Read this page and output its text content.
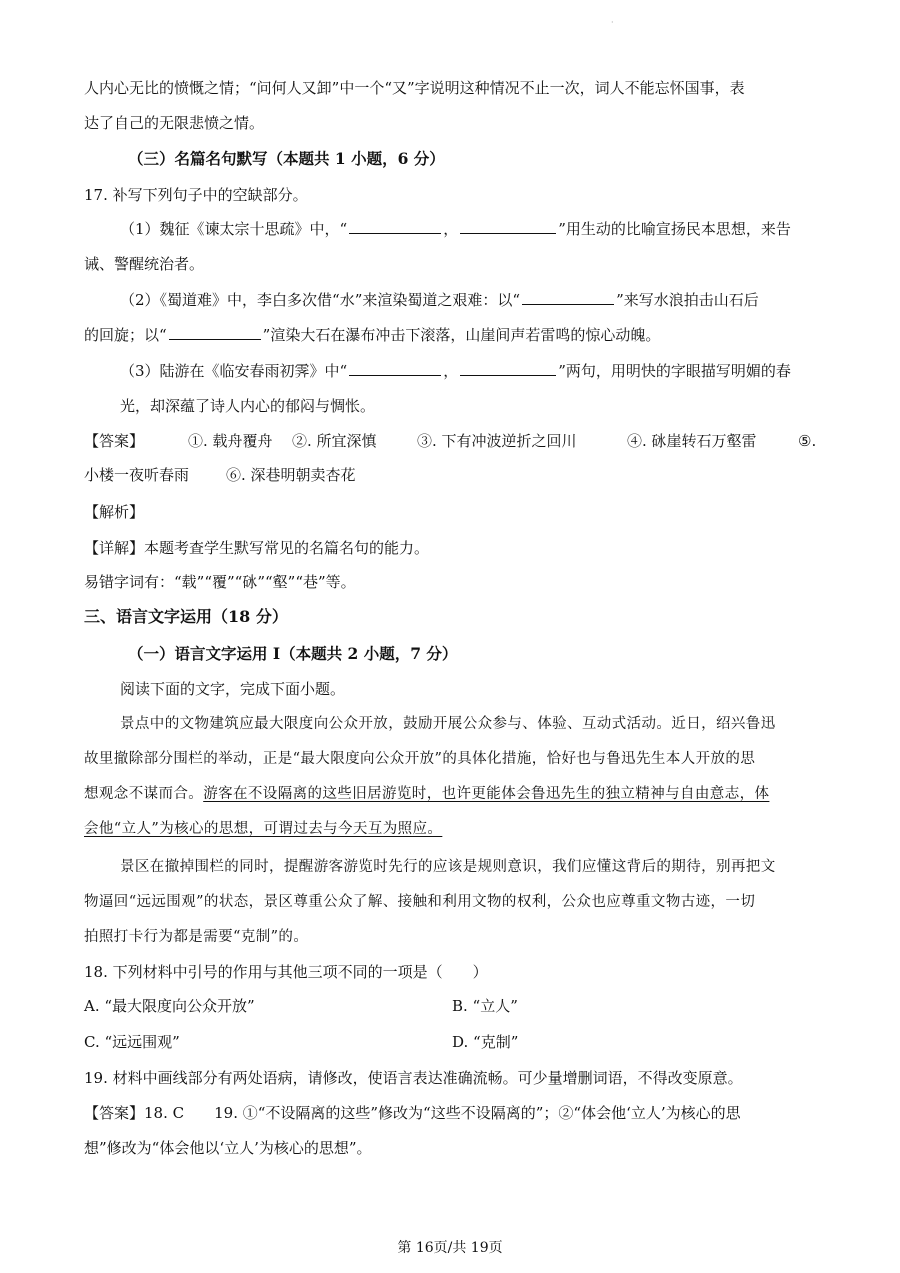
·
人内心无比的愤慨之情；“问何人又卸”中一个“又”字说明这种情况不止一次，词人不能忘怀国事，表
达了自己的无限悲愤之情。
（三）名篇名句默写（本题共 1 小题，6 分）
17. 补写下列句子中的空缺部分。
（1）魏征《谏太宗十思疏》中，“	，	”用生动的比喻宣扬民本思想，来告
诫、警醒统治者。
（2）《蜀道难》中，李白多次借“水”来渲染蜀道之艰难：以“	”来写水浪拍击山石后
的回旋；以“	”渲染大石在瀑布冲击下滚落，山崖间声若雷鸣的惊心动魄。
（3）陆游在《临安春雨初霁》中“	，	”两句，用明快的字眼描写明媚的春
光，却深蕴了诗人内心的郁闷与惆怅。
【答案】	①. 载舟覆舟 ②. 所宜深慎	③. 下有冲波逆折之回川	④. 砯崖转石万壑雷	⑤.
小楼一夜听春雨 ⑥. 深巷明朝卖杏花
【解析】
【详解】本题考查学生默写常见的名篇名句的能力。
易错字词有：“载”“覆”“砯”“壑”“巷”等。
三、语言文字运用（18 分）
（一）语言文字运用 Ⅰ（本题共 2 小题，7 分）
阅读下面的文字，完成下面小题。
景点中的文物建筑应最大限度向公众开放，鼓励开展公众参与、体验、互动式活动。近日，绍兴鲁迅
故里撤除部分围栏的举动，正是“最大限度向公众开放”的具体化措施，恰好也与鲁迅先生本人开放的思
想观念不谋而合。游客在不设隔离的这些旧居游览时，也许更能体会鲁迅先生的独立精神与自由意志，体
会他“立人”为核心的思想，可谓过去与今天互为照应。
景区在撤掉围栏的同时，提醒游客游览时先行的应该是规则意识，我们应懂这背后的期待，别再把文
物逼回“远远围观”的状态，景区尊重公众了解、接触和利用文物的权利，公众也应尊重文物古迹，一切
拍照打卡行为都是需要“克制”的。
18. 下列材料中引号的作用与其他三项不同的一项是（　　）
A. “最大限度向公众开放”	B. “立人”
C. “远远围观”	D. “克制”
19. 材料中画线部分有两处语病，请修改，使语言表达准确流畅。可少量增删词语，不得改变原意。
【答案】18. C　　19. ①“不设隔离的这些”修改为“这些不设隔离的”；②“体会他‘立人’为核心的思
想”修改为“体会他以‘立人’为核心的思想”。
第 16页/共 19页
